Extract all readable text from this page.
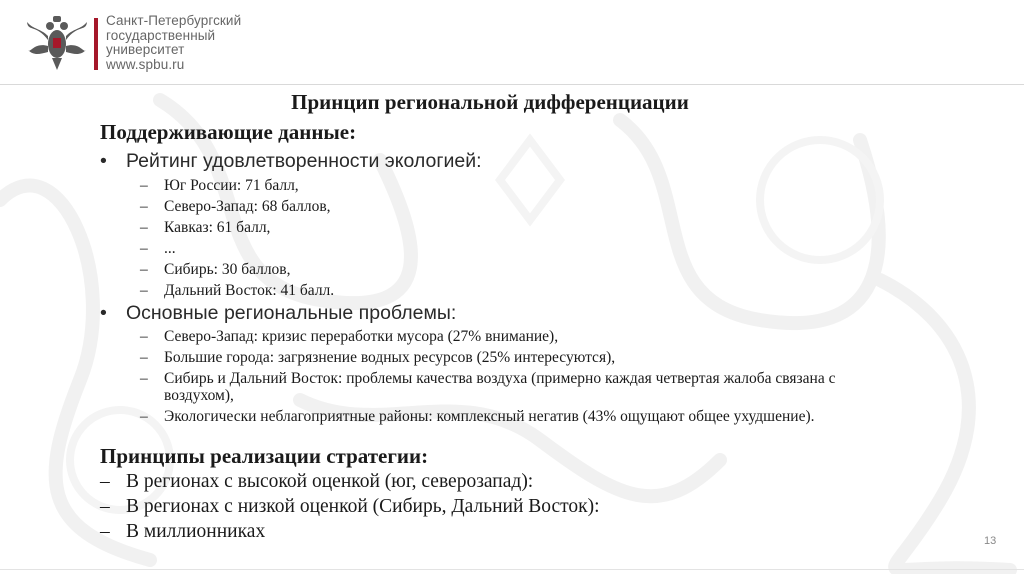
Санкт-Петербургский
государственный
университет
www.spbu.ru
Принцип региональной дифференциации
Поддерживающие данные:
• Рейтинг удовлетворенности экологией:
– Юг России: 71 балл,
– Северо-Запад: 68 баллов,
– Кавказ: 61 балл,
– ...
– Сибирь: 30 баллов,
– Дальний Восток: 41 балл.
• Основные региональные проблемы:
– Северо-Запад: кризис переработки мусора (27% внимание),
– Большие города: загрязнение водных ресурсов (25% интересуются),
– Сибирь и Дальний Восток: проблемы качества воздуха (примерно каждая четвертая жалоба связана с воздухом),
– Экологически неблагоприятные районы: комплексный негатив (43% ощущают общее ухудшение).
Принципы реализации стратегии:
– В регионах с высокой оценкой (юг, северозапад):
– В регионах с низкой оценкой (Сибирь, Дальний Восток):
– В миллионниках	13
